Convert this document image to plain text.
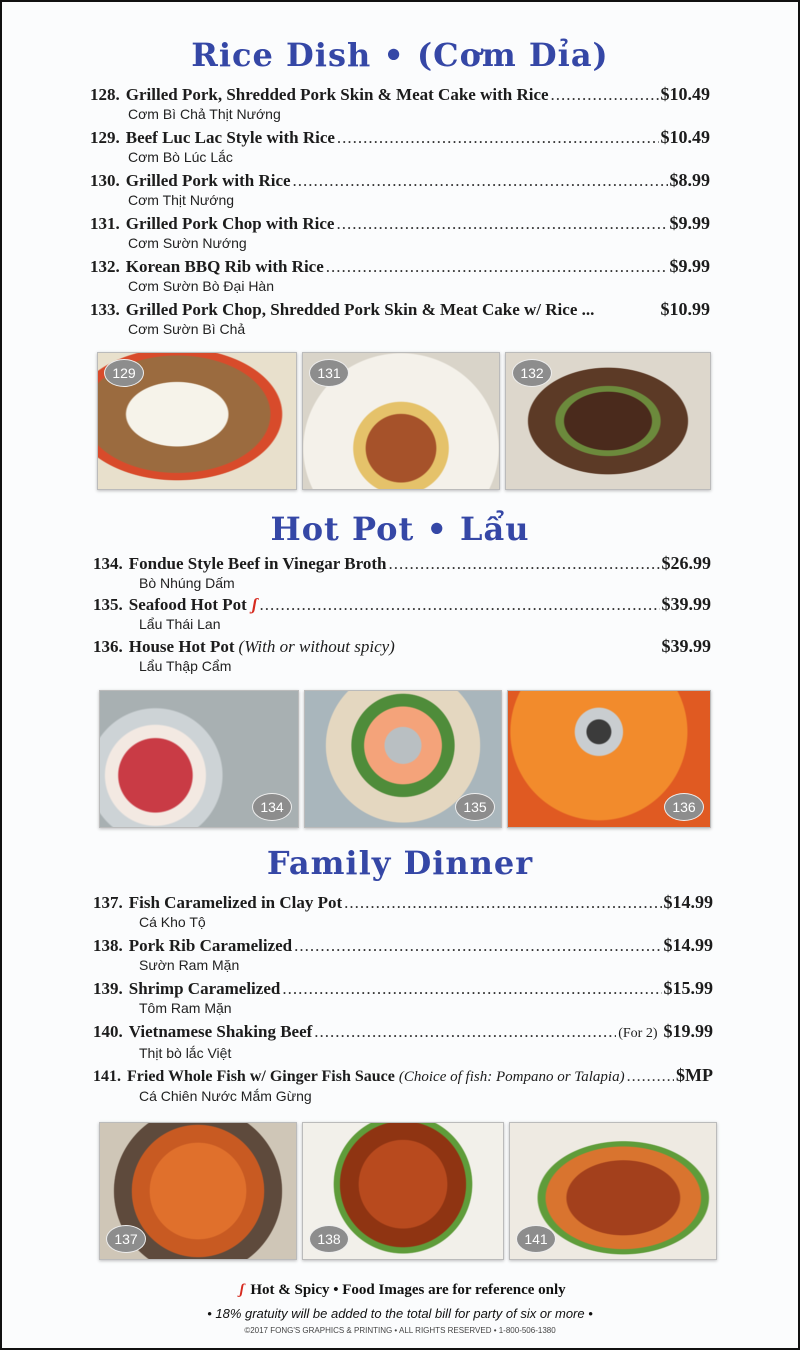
Rice Dish • (Cơm Dỉa)
128. Grilled Pork, Shredded Pork Skin & Meat Cake with Rice .....	$10.49
Cơm Bì Chả Thịt Nướng
129. Beef Luc Lac Style with Rice .....	$10.49
Cơm Bò Lúc Lắc
130. Grilled Pork with Rice .....	$8.99
Cơm Thịt Nướng
131. Grilled Pork Chop with Rice .....	$9.99
Cơm Sườn Nướng
132. Korean BBQ Rib with Rice .....	$9.99
Cơm Sườn Bò Đại Hàn
133. Grilled Pork Chop, Shredded Pork Skin & Meat Cake w/ Rice ...	$10.99
Cơm Sườn Bì Chả
129	131	132
Hot Pot • Lẩu
134. Fondue Style Beef in Vinegar Broth .....	$26.99
Bò Nhúng Dấm
135. Seafood Hot Pot ʃ .....	$39.99
Lẩu Thái Lan
136. House Hot Pot (With or without spicy)	$39.99
Lẩu Thập Cẩm
134	135	136
Family Dinner
137. Fish Caramelized in Clay Pot .....	$14.99
Cá Kho Tộ
138. Pork Rib Caramelized .....	$14.99
Sườn Ram Mặn
139. Shrimp Caramelized .....	$15.99
Tôm Ram Mặn
140. Vietnamese Shaking Beef .....	(For 2) $19.99
Thịt bò lắc Việt
141. Fried Whole Fish w/ Ginger Fish Sauce (Choice of fish: Pompano or Talapia) .....	$MP
Cá Chiên Nước Mắm Gừng
137	138	141
ʃ Hot & Spicy • Food Images are for reference only
• 18% gratuity will be added to the total bill for party of six or more •
©2017 FONG'S GRAPHICS & PRINTING • ALL RIGHTS RESERVED • 1-800-506-1380
